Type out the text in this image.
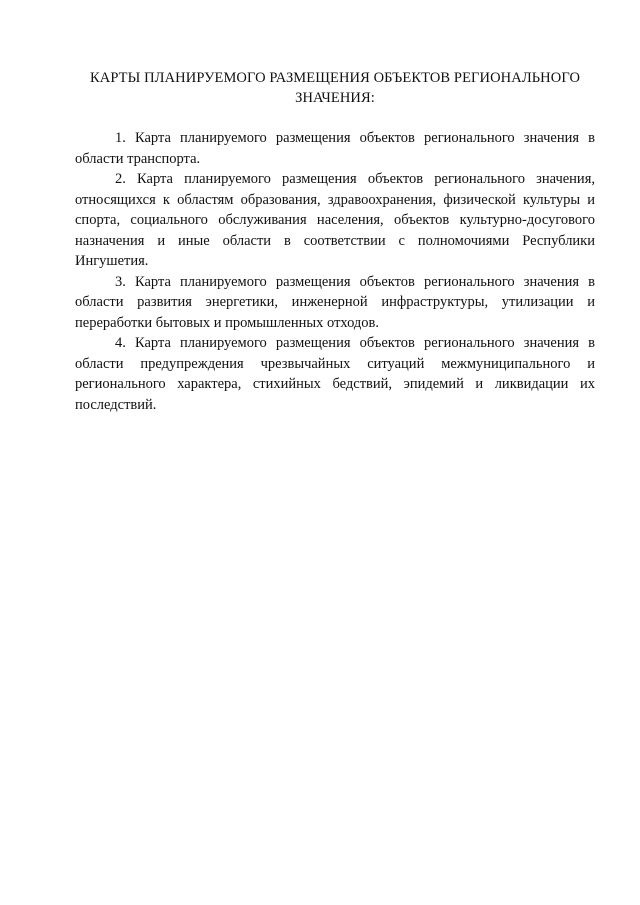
КАРТЫ ПЛАНИРУЕМОГО РАЗМЕЩЕНИЯ ОБЪЕКТОВ РЕГИОНАЛЬНОГО ЗНАЧЕНИЯ:

1. Карта планируемого размещения объектов регионального значения в области транспорта.

2. Карта планируемого размещения объектов регионального значения, относящихся к областям образования, здравоохранения, физической культуры и спорта, социального обслуживания населения, объектов культурно-досугового назначения и иные области в соответствии с полномочиями Республики Ингушетия.

3. Карта планируемого размещения объектов регионального значения в области развития энергетики, инженерной инфраструктуры, утилизации и переработки бытовых и промышленных отходов.

4. Карта планируемого размещения объектов регионального значения в области предупреждения чрезвычайных ситуаций межмуниципального и регионального характера, стихийных бедствий, эпидемий и ликвидации их последствий.
